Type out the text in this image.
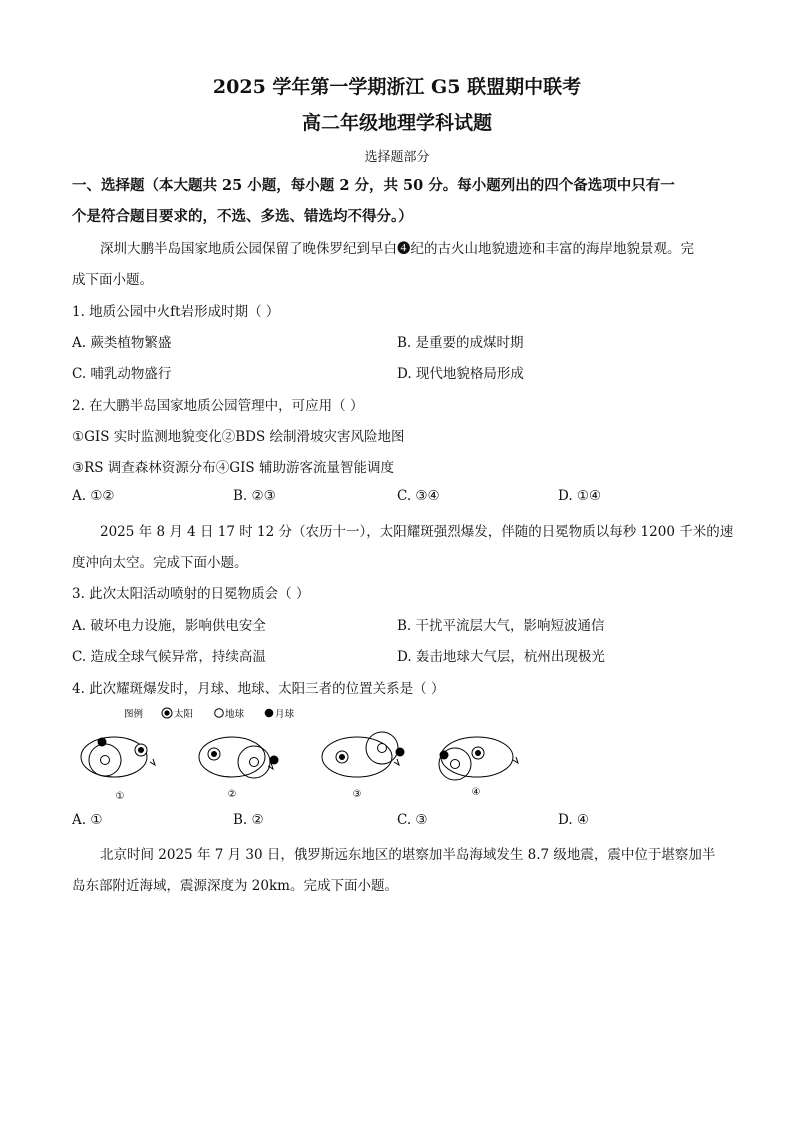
2025 学年第一学期浙江 G5 联盟期中联考
高二年级地理学科试题
选择题部分
一、选择题（本大题共 25 小题，每小题 2 分，共 50 分。每小题列出的四个备选项中只有一
个是符合题目要求的，不选、多选、错选均不得分。）
深圳大鹏半岛国家地质公园保留了晚侏罗纪到早白❹纪的古火山地貌遗迹和丰富的海岸地貌景观。完
成下面小题。
1. 地质公园中火ft岩形成时期（ ）
A. 蕨类植物繁盛	B. 是重要的成煤时期
C. 哺乳动物盛行	D. 现代地貌格局形成
2. 在大鹏半岛国家地质公园管理中，可应用（ ）
①GIS 实时监测地貌变化②BDS 绘制滑坡灾害风险地图
③RS 调查森林资源分布④GIS 辅助游客流量智能调度
A. ①②	B. ②③	C. ③④	D. ①④
2025 年 8 月 4 日 17 时 12 分（农历十一），太阳耀斑强烈爆发，伴随的日冕物质以每秒 1200 千米的速
度冲向太空。完成下面小题。
3. 此次太阳活动喷射的日冕物质会（ ）
A. 破坏电力设施，影响供电安全	B. 干扰平流层大气，影响短波通信
C. 造成全球气候异常，持续高温	D. 轰击地球大气层，杭州出现极光
4. 此次耀斑爆发时，月球、地球、太阳三者的位置关系是（ ）
图例	太阳	地球	月球
①	②	③	④
A. ①	B. ②	C. ③	D. ④
北京时间 2025 年 7 月 30 日，俄罗斯远东地区的堪察加半岛海域发生 8.7 级地震，震中位于堪察加半
岛东部附近海域，震源深度为 20km。完成下面小题。
